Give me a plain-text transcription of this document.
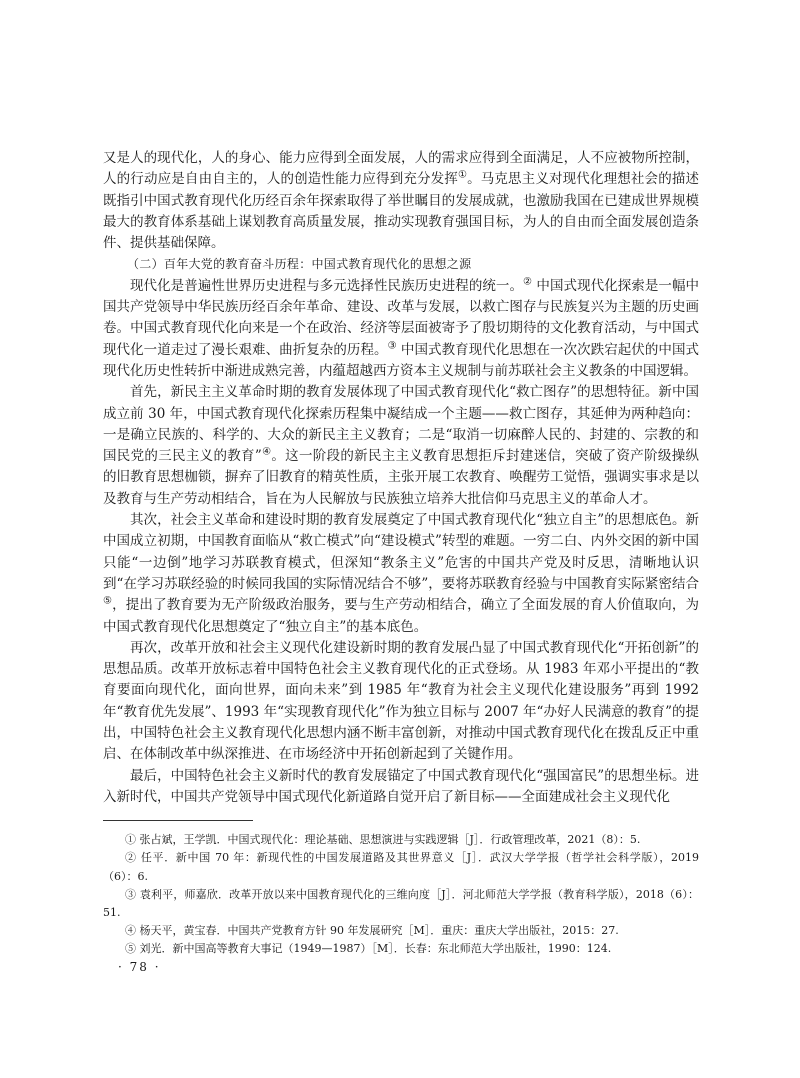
又是人的现代化，人的身心、能力应得到全面发展，人的需求应得到全面满足，人不应被物所控制，人的行动应是自由自主的，人的创造性能力应得到充分发挥①。马克思主义对现代化理想社会的描述既指引中国式教育现代化历经百余年探索取得了举世瞩目的发展成就，也激励我国在已建成世界规模最大的教育体系基础上谋划教育高质量发展，推动实现教育强国目标，为人的自由而全面发展创造条件、提供基础保障。

（二）百年大党的教育奋斗历程：中国式教育现代化的思想之源

现代化是普遍性世界历史进程与多元选择性民族历史进程的统一。② 中国式现代化探索是一幅中国共产党领导中华民族历经百余年革命、建设、改革与发展，以救亡图存与民族复兴为主题的历史画卷。中国式教育现代化向来是一个在政治、经济等层面被寄予了殷切期待的文化教育活动，与中国式现代化一道走过了漫长艰难、曲折复杂的历程。③ 中国式教育现代化思想在一次次跌宕起伏的中国式现代化历史性转折中渐进成熟完善，内蕴超越西方资本主义规制与前苏联社会主义教条的中国逻辑。

首先，新民主主义革命时期的教育发展体现了中国式教育现代化“救亡图存”的思想特征。新中国成立前 30 年，中国式教育现代化探索历程集中凝结成一个主题——救亡图存，其延伸为两种趋向：一是确立民族的、科学的、大众的新民主主义教育；二是“取消一切麻醉人民的、封建的、宗教的和国民党的三民主义的教育”④。这一阶段的新民主主义教育思想拒斥封建迷信，突破了资产阶级操纵的旧教育思想枷锁，摒弃了旧教育的精英性质，主张开展工农教育、唤醒劳工觉悟，强调实事求是以及教育与生产劳动相结合，旨在为人民解放与民族独立培养大批信仰马克思主义的革命人才。

其次，社会主义革命和建设时期的教育发展奠定了中国式教育现代化“独立自主”的思想底色。新中国成立初期，中国教育面临从“救亡模式”向“建设模式”转型的难题。一穷二白、内外交困的新中国只能“一边倒”地学习苏联教育模式，但深知“教条主义”危害的中国共产党及时反思，清晰地认识到“在学习苏联经验的时候同我国的实际情况结合不够”，要将苏联教育经验与中国教育实际紧密结合⑤，提出了教育要为无产阶级政治服务，要与生产劳动相结合，确立了全面发展的育人价值取向，为中国式教育现代化思想奠定了“独立自主”的基本底色。

再次，改革开放和社会主义现代化建设新时期的教育发展凸显了中国式教育现代化“开拓创新”的思想品质。改革开放标志着中国特色社会主义教育现代化的正式登场。从 1983 年邓小平提出的“教育要面向现代化，面向世界，面向未来”到 1985 年“教育为社会主义现代化建设服务”再到 1992 年“教育优先发展”、1993 年“实现教育现代化”作为独立目标与 2007 年“办好人民满意的教育”的提出，中国特色社会主义教育现代化思想内涵不断丰富创新，对推动中国式教育现代化在拨乱反正中重启、在体制改革中纵深推进、在市场经济中开拓创新起到了关键作用。

最后，中国特色社会主义新时代的教育发展锚定了中国式教育现代化“强国富民”的思想坐标。进入新时代，中国共产党领导中国式现代化新道路自觉开启了新目标——全面建成社会主义现代化

① 张占斌，王学凯．中国式现代化：理论基础、思想演进与实践逻辑［J］．行政管理改革，2021（8）：5.

② 任平．新中国 70 年：新现代性的中国发展道路及其世界意义［J］．武汉大学学报（哲学社会科学版），2019（6）：6.

③ 袁利平，师嘉欣．改革开放以来中国教育现代化的三维向度［J］．河北师范大学学报（教育科学版），2018（6）：51.

④ 杨天平，黄宝春．中国共产党教育方针 90 年发展研究［M］．重庆：重庆大学出版社，2015：27.

⑤ 刘光．新中国高等教育大事记（1949—1987）［M］．长春：东北师范大学出版社，1990：124.

· 78 ·
